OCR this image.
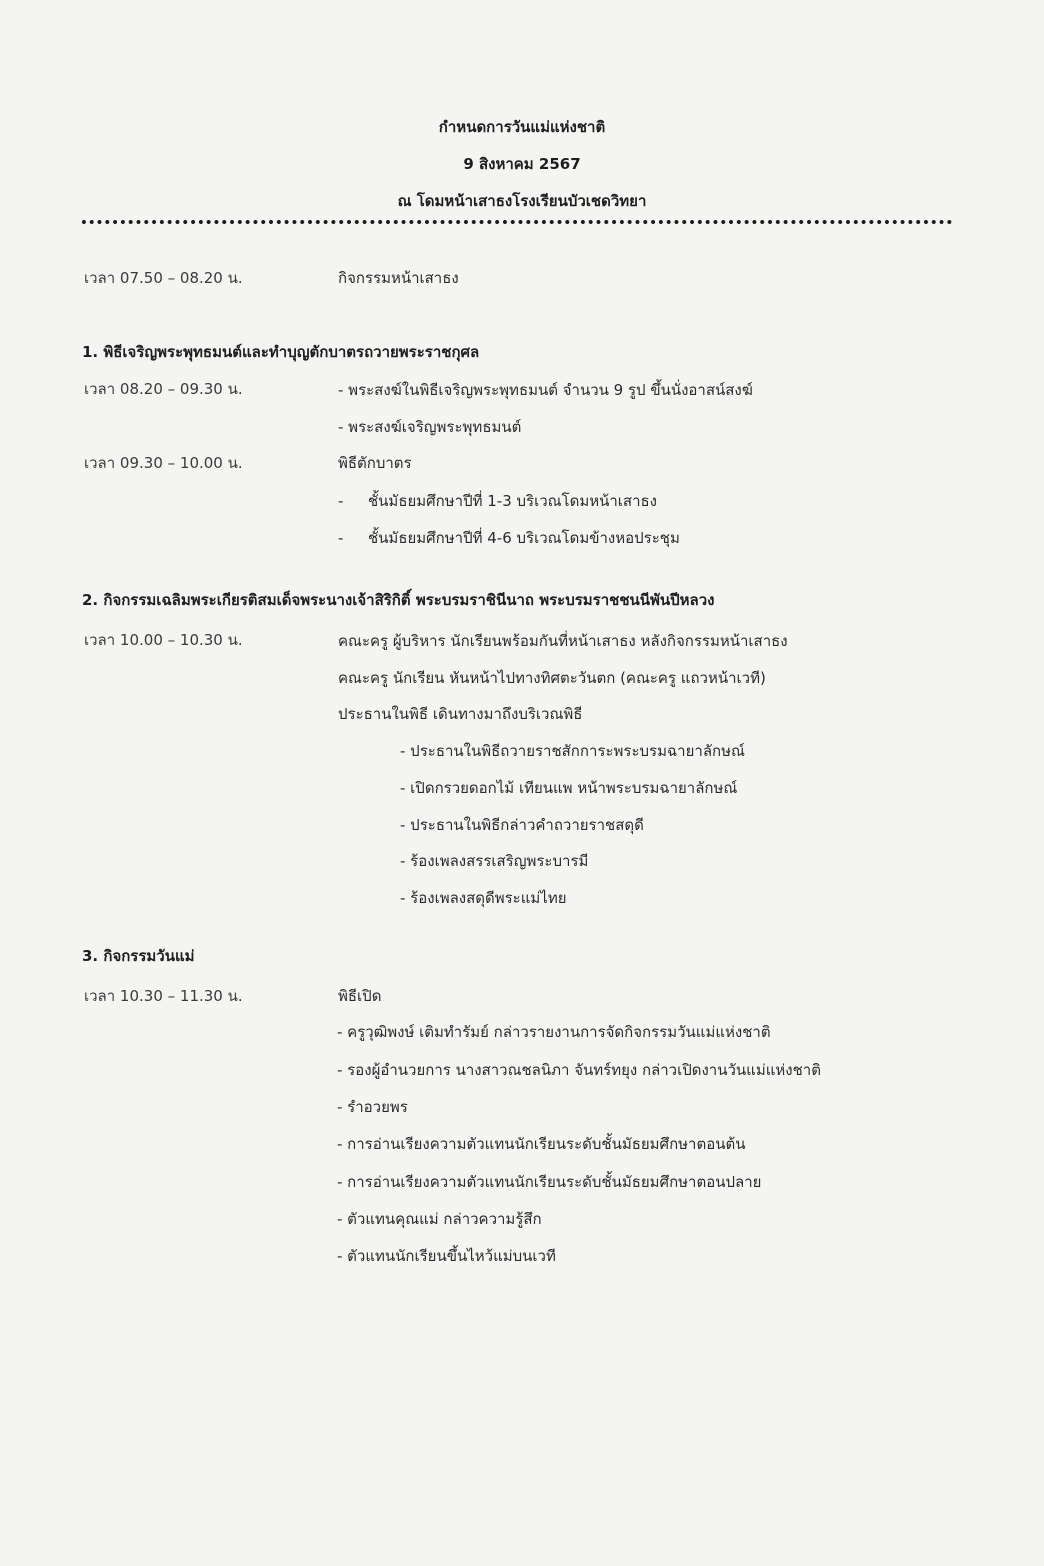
กำหนดการวันแม่แห่งชาติ
9 สิงหาคม 2567
ณ โดมหน้าเสาธงโรงเรียนบัวเชดวิทยา
เวลา 07.50 – 08.20 น.	กิจกรรมหน้าเสาธง
1. พิธีเจริญพระพุทธมนต์และทำบุญตักบาตรถวายพระราชกุศล
เวลา 08.20 – 09.30 น.	- พระสงฆ์ในพิธีเจริญพระพุทธมนต์ จำนวน 9 รูป ขึ้นนั่งอาสน์สงฆ์
- พระสงฆ์เจริญพระพุทธมนต์
เวลา 09.30 – 10.00 น.	พิธีตักบาตร
- ชั้นมัธยมศึกษาปีที่ 1-3 บริเวณโดมหน้าเสาธง
- ชั้นมัธยมศึกษาปีที่ 4-6 บริเวณโดมข้างหอประชุม
2. กิจกรรมเฉลิมพระเกียรติสมเด็จพระนางเจ้าสิริกิติ์ พระบรมราชินีนาถ พระบรมราชชนนีพันปีหลวง
เวลา 10.00 – 10.30 น.	คณะครู ผู้บริหาร นักเรียนพร้อมกันที่หน้าเสาธง หลังกิจกรรมหน้าเสาธง
คณะครู นักเรียน หันหน้าไปทางทิศตะวันตก (คณะครู แถวหน้าเวที)
ประธานในพิธี เดินทางมาถึงบริเวณพิธี
- ประธานในพิธีถวายราชสักการะพระบรมฉายาลักษณ์
- เปิดกรวยดอกไม้ เทียนแพ หน้าพระบรมฉายาลักษณ์
- ประธานในพิธีกล่าวคำถวายราชสดุดี
- ร้องเพลงสรรเสริญพระบารมี
- ร้องเพลงสดุดีพระแม่ไทย
3. กิจกรรมวันแม่
เวลา 10.30 – 11.30 น.	พิธีเปิด
- ครูวุฒิพงษ์ เติมทำรัมย์ กล่าวรายงานการจัดกิจกรรมวันแม่แห่งชาติ
- รองผู้อำนวยการ นางสาวณชลนิภา จันทร์ทยุง กล่าวเปิดงานวันแม่แห่งชาติ
- รำอวยพร
- การอ่านเรียงความตัวแทนนักเรียนระดับชั้นมัธยมศึกษาตอนต้น
- การอ่านเรียงความตัวแทนนักเรียนระดับชั้นมัธยมศึกษาตอนปลาย
- ตัวแทนคุณแม่ กล่าวความรู้สึก
- ตัวแทนนักเรียนขึ้นไหว้แม่บนเวที
